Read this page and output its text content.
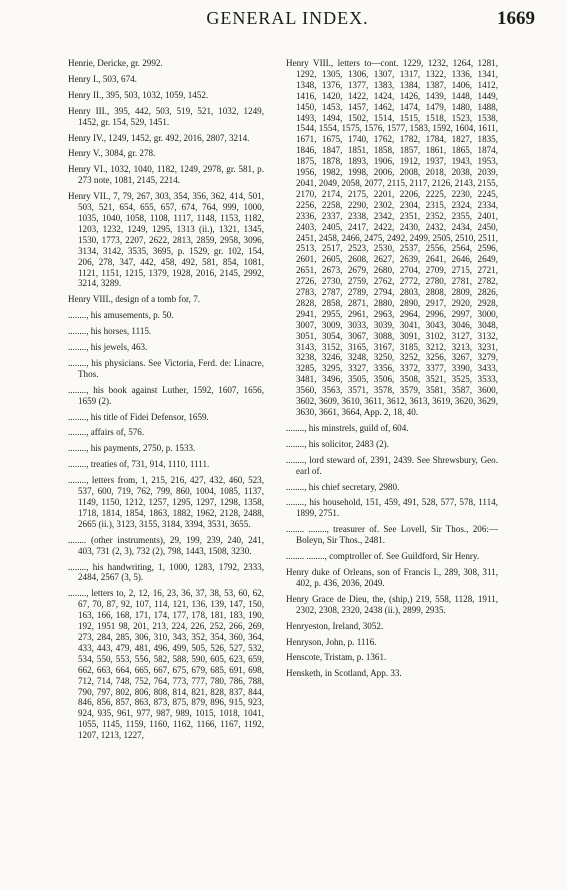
GENERAL INDEX.	1669
Henrie, Dericke, gr. 2992.
Henry I., 503, 674.
Henry II., 395, 503, 1032, 1059, 1452.
Henry III., 395, 442, 503, 519, 521, 1032, 1249, 1452, gr. 154, 529, 1451.
Henry IV., 1249, 1452, gr. 492, 2016, 2807, 3214.
Henry V., 3084, gr. 278.
Henry VI., 1032, 1040, 1182, 1249, 2978, gr. 581, p. 273 note, 1081, 2145, 2214.
Henry VII., 7, 79, 267, 303, 354, 356, 362, 414, 501, 503, 521, 654, 655, 657, 674, 764, 999, 1000, 1035, 1040, 1058, 1108, 1117, 1148, 1153, 1182, 1203, 1232, 1249, 1295, 1313 (ii.), 1321, 1345, 1530, 1773, 2207, 2622, 2813, 2859, 2958, 3096, 3134, 3142, 3535, 3695, p. 1529, gr. 102, 154, 206, 278, 347, 442, 458, 492, 581, 854, 1081, 1121, 1151, 1215, 1379, 1928, 2016, 2145, 2992, 3214, 3289.
Henry VIII., design of a tomb for, 7.
........, his amusements, p. 50.
........, his horses, 1115.
........, his jewels, 463.
........, his physicians. See Victoria, Ferd. de: Linacre, Thos.
........, his book against Luther, 1592, 1607, 1656, 1659 (2).
........, his title of Fidei Defensor, 1659.
........, affairs of, 576.
........, his payments, 2750, p. 1533.
........, treaties of, 731, 914, 1110, 1111.
........, letters from, 1, 215, 216, 427, 432, 460, 523, 537, 600, 719, 762, 799, 860, 1004, 1085, 1137, 1149, 1150, 1212, 1257, 1295, 1297, 1298, 1358, 1718, 1814, 1854, 1863, 1882, 1962, 2128, 2488, 2665 (ii.), 3123, 3155, 3184, 3394, 3531, 3655.
........ (other instruments), 29, 199, 239, 240, 241, 403, 731 (2, 3), 732 (2), 798, 1443, 1508, 3230.
........, his handwriting, 1, 1000, 1283, 1792, 2333, 2484, 2567 (3, 5).
........, letters to, 2, 12, 16, 23, 36, 37, 38, 53, 60, 62, 67, 70, 87, 92, 107, 114, 121, 136, 139, 147, 150, 163, 166, 168, 171, 174, 177, 178, 181, 183, 190, 192, 1951 98, 201, 213, 224, 226, 252, 266, 269, 273, 284, 285, 306, 310, 343, 352, 354, 360, 364, 433, 443, 479, 481, 496, 499, 505, 526, 527, 532, 534, 550, 553, 556, 582, 588, 590, 605, 623, 659, 662, 663, 664, 665, 667, 675, 679, 685, 691, 698, 712, 714, 748, 752, 764, 773, 777, 780, 786, 788, 790, 797, 802, 806, 808, 814, 821, 828, 837, 844, 846, 856, 857, 863, 873, 875, 879, 896, 915, 923, 924, 935, 961, 977, 987, 989, 1015, 1018, 1041, 1055, 1145, 1159, 1160, 1162, 1166, 1167, 1192, 1207, 1213, 1227,
Henry VIII., letters to—cont. 1229, 1232, 1264, 1281, 1292, 1305, 1306, 1307, 1317, 1322, 1336, 1341, 1348, 1376, 1377, 1383, 1384, 1387, 1406, 1412, 1416, 1420, 1422, 1424, 1426, 1439, 1448, 1449, 1450, 1453, 1457, 1462, 1474, 1479, 1480, 1488, 1493, 1494, 1502, 1514, 1515, 1518, 1523, 1538, 1544, 1554, 1575, 1576, 1577, 1583, 1592, 1604, 1611, 1671, 1675, 1740, 1762, 1782, 1784, 1827, 1835, 1846, 1847, 1851, 1858, 1857, 1861, 1865, 1874, 1875, 1878, 1893, 1906, 1912, 1937, 1943, 1953, 1956, 1982, 1998, 2006, 2008, 2018, 2038, 2039, 2041, 2049, 2058, 2077, 2115, 2117, 2126, 2143, 2155, 2170, 2174, 2175, 2201, 2206, 2225, 2230, 2245, 2256, 2258, 2290, 2302, 2304, 2315, 2324, 2334, 2336, 2337, 2338, 2342, 2351, 2352, 2355, 2401, 2403, 2405, 2417, 2422, 2430, 2432, 2434, 2450, 2451, 2458, 2466, 2475, 2492, 2499, 2505, 2510, 2511, 2513, 2517, 2523, 2530, 2537, 2556, 2564, 2596, 2601, 2605, 2608, 2627, 2639, 2641, 2646, 2649, 2651, 2673, 2679, 2680, 2704, 2709, 2715, 2721, 2726, 2730, 2759, 2762, 2772, 2780, 2781, 2782, 2783, 2787, 2789, 2794, 2803, 2808, 2809, 2826, 2828, 2858, 2871, 2880, 2890, 2917, 2920, 2928, 2941, 2955, 2961, 2963, 2964, 2996, 2997, 3000, 3007, 3009, 3033, 3039, 3041, 3043, 3046, 3048, 3051, 3054, 3067, 3088, 3091, 3102, 3127, 3132, 3143, 3152, 3165, 3167, 3185, 3212, 3213, 3231, 3238, 3246, 3248, 3250, 3252, 3256, 3267, 3279, 3285, 3295, 3327, 3356, 3372, 3377, 3390, 3433, 3481, 3496, 3505, 3506, 3508, 3521, 3525, 3533, 3560, 3563, 3571, 3578, 3579, 3581, 3587, 3600, 3602, 3609, 3610, 3611, 3612, 3613, 3619, 3620, 3629, 3630, 3661, 3664, App. 2, 18, 40.
........, his minstrels, guild of, 604.
........, his solicitor, 2483 (2).
........, lord steward of, 2391, 2439. See Shrewsbury, Geo. earl of.
........, his chief secretary, 2980.
........, his household, 151, 459, 491, 528, 577, 578, 1114, 1899, 2751.
........ ........, treasurer of. See Lovell, Sir Thos., 206:—Boleyn, Sir Thos., 2481.
........ ........, comptroller of. See Guildford, Sir Henry.
Henry duke of Orleans, son of Francis I., 289, 308, 311, 402, p. 436, 2036, 2049.
Henry Grace de Dieu, the, (ship,) 219, 558, 1128, 1911, 2302, 2308, 2320, 2438 (ii.), 2899, 2935.
Henryeston, Ireland, 3052.
Henryson, John, p. 1116.
Henscote, Tristam, p. 1361.
Hensketh, in Scotland, App. 33.
